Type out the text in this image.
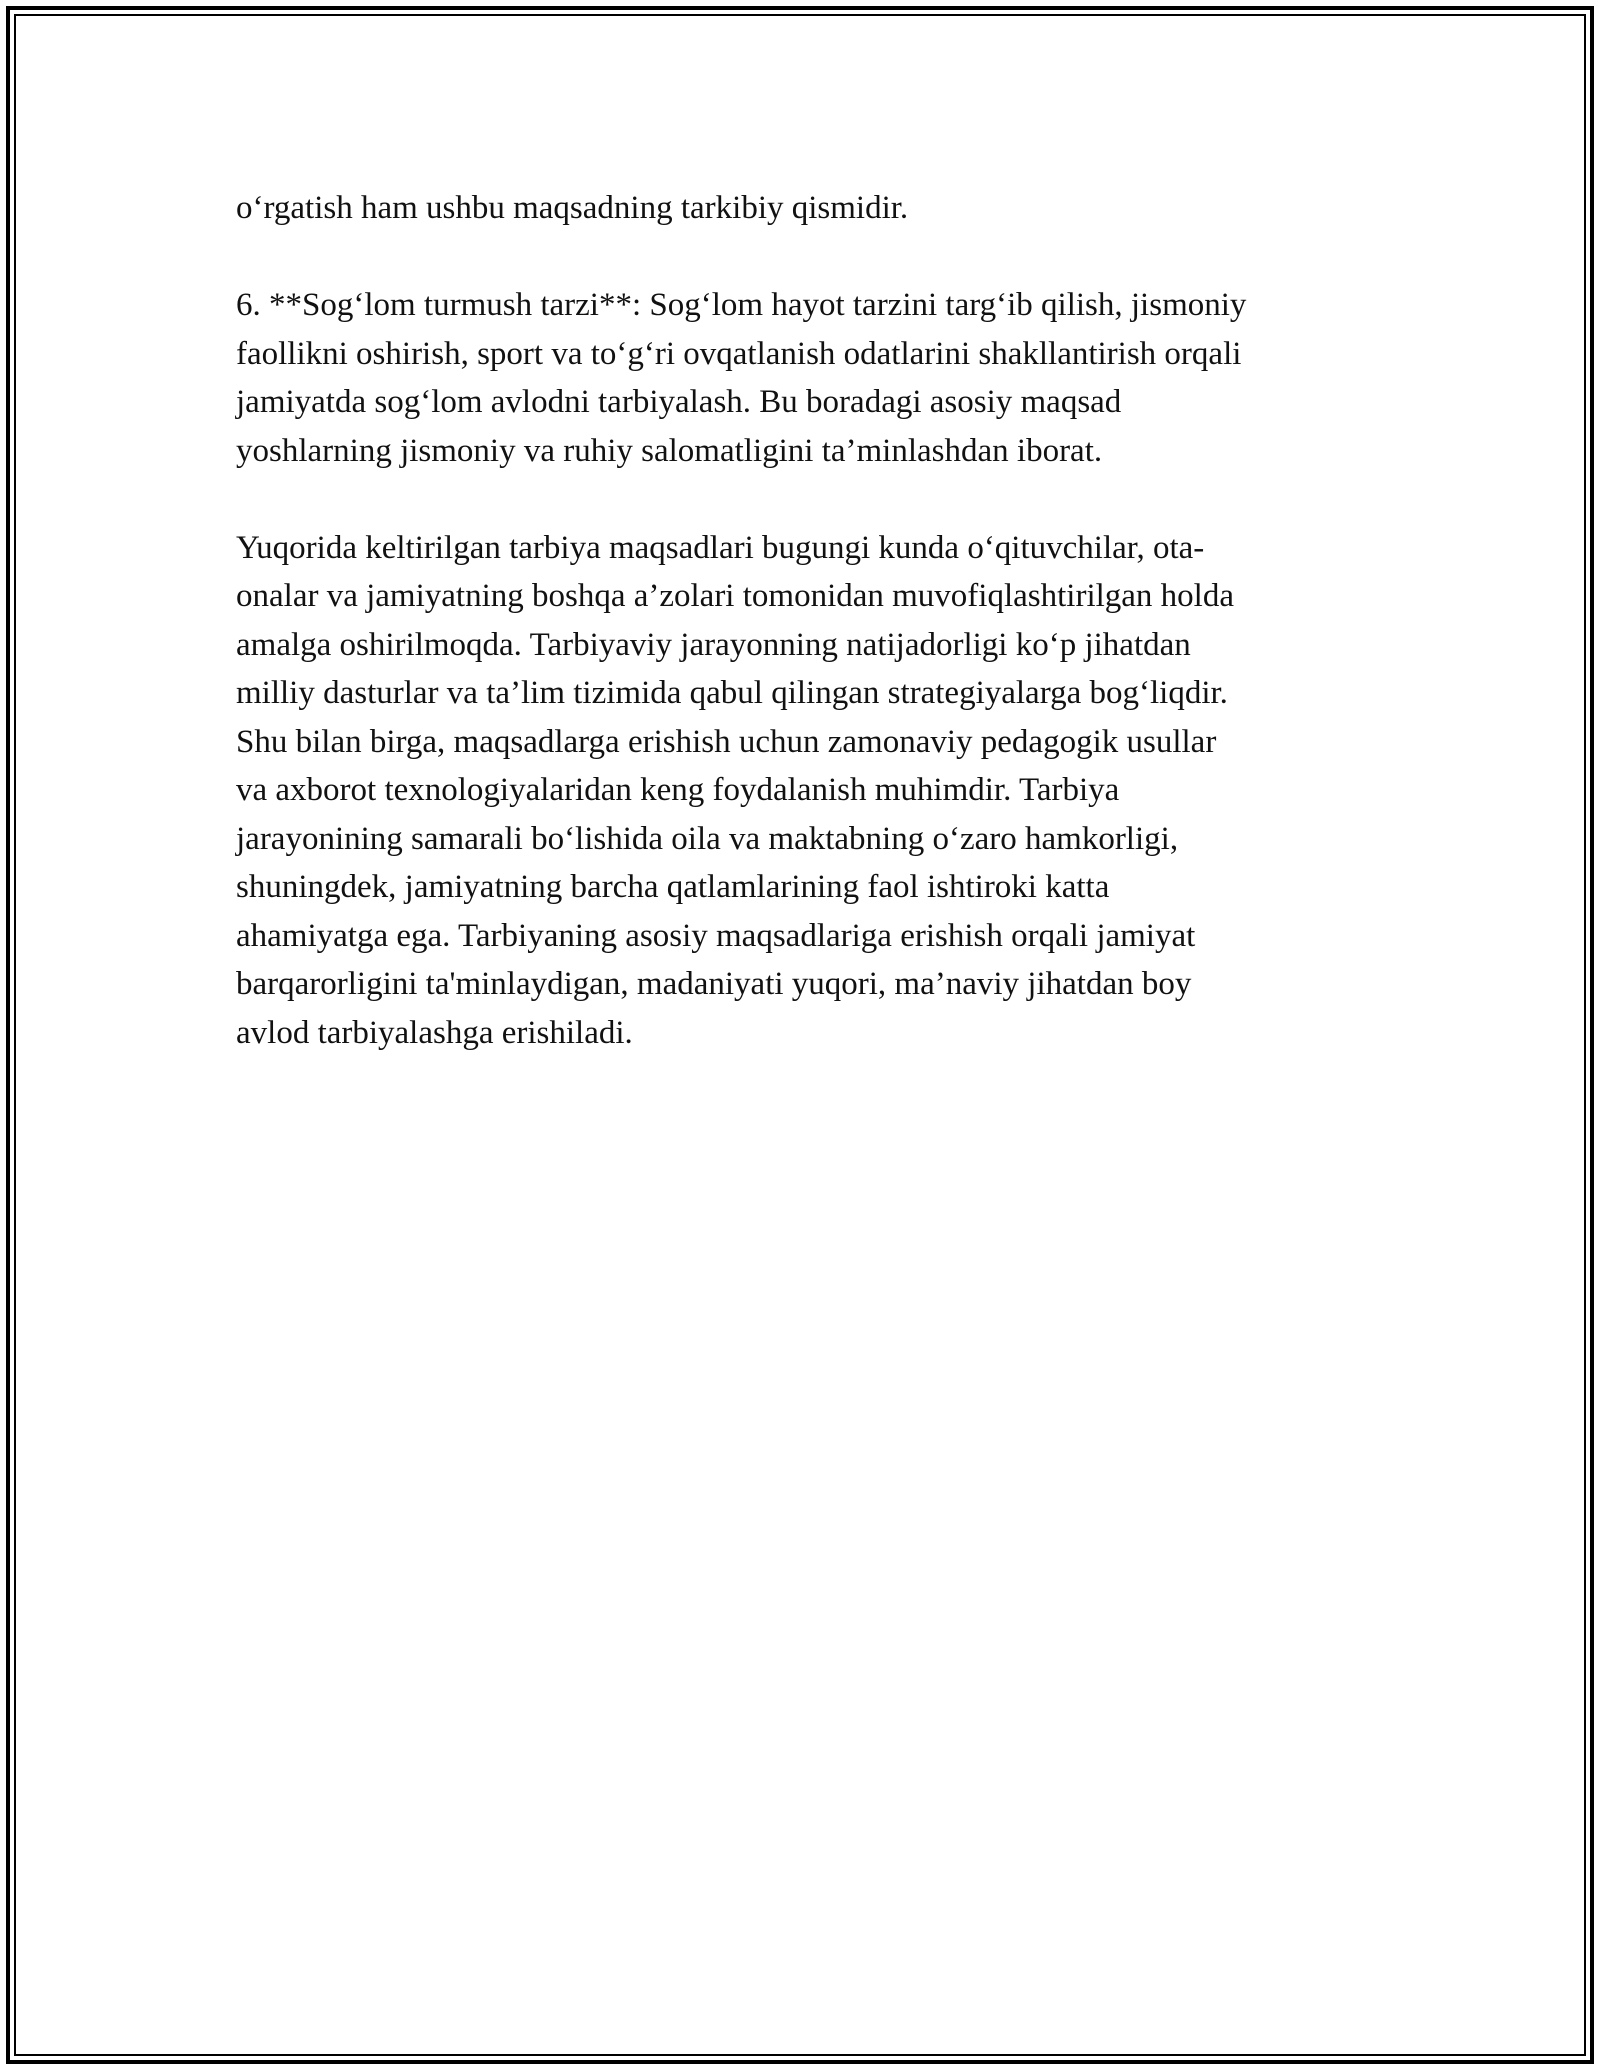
o‘rgatish ham ushbu maqsadning tarkibiy qismidir.

6. **Sog‘lom turmush tarzi**: Sog‘lom hayot tarzini targ‘ib qilish, jismoniy
faollikni oshirish, sport va to‘g‘ri ovqatlanish odatlarini shakllantirish orqali
jamiyatda sog‘lom avlodni tarbiyalash. Bu boradagi asosiy maqsad
yoshlarning jismoniy va ruhiy salomatligini ta’minlashdan iborat.

Yuqorida keltirilgan tarbiya maqsadlari bugungi kunda o‘qituvchilar, ota-
onalar va jamiyatning boshqa a’zolari tomonidan muvofiqlashtirilgan holda
amalga oshirilmoqda. Tarbiyaviy jarayonning natijadorligi ko‘p jihatdan
milliy dasturlar va ta’lim tizimida qabul qilingan strategiyalarga bog‘liqdir.
Shu bilan birga, maqsadlarga erishish uchun zamonaviy pedagogik usullar
va axborot texnologiyalaridan keng foydalanish muhimdir. Tarbiya
jarayonining samarali bo‘lishida oila va maktabning o‘zaro hamkorligi,
shuningdek, jamiyatning barcha qatlamlarining faol ishtiroki katta
ahamiyatga ega. Tarbiyaning asosiy maqsadlariga erishish orqali jamiyat
barqarorligini ta'minlaydigan, madaniyati yuqori, ma’naviy jihatdan boy
avlod tarbiyalashga erishiladi.
